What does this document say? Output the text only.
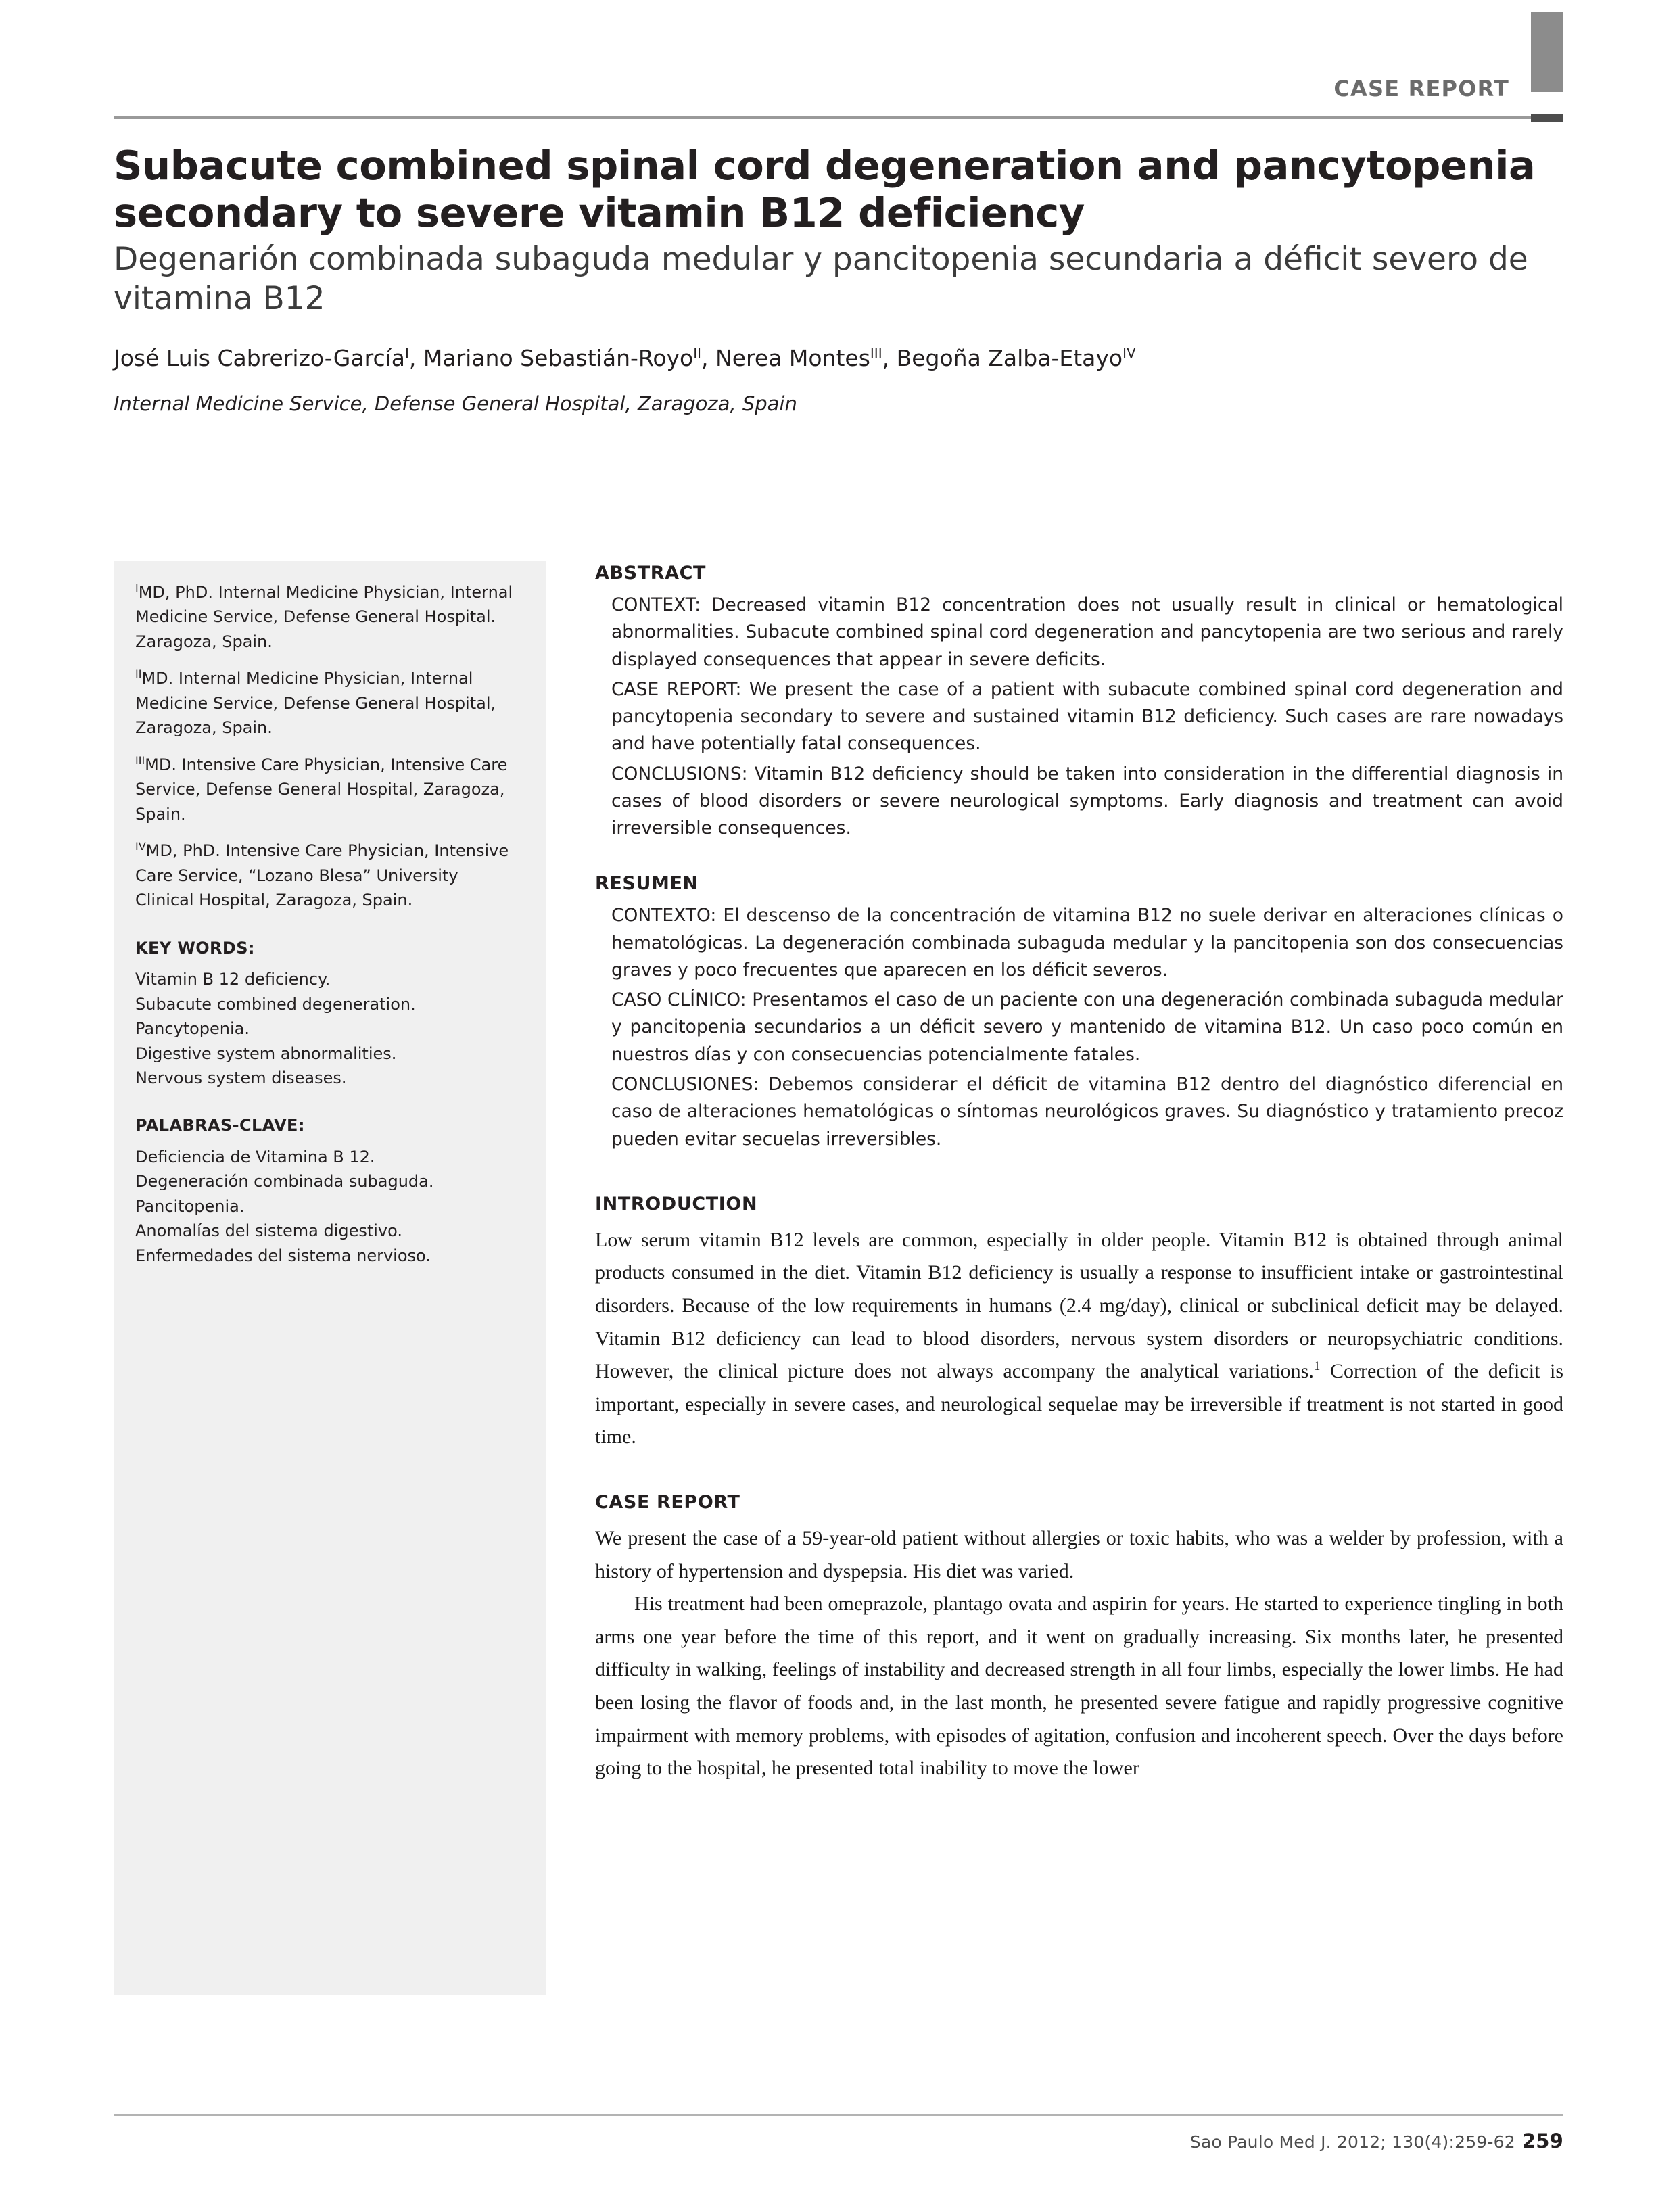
CASE REPORT
Subacute combined spinal cord degeneration and pancytopenia secondary to severe vitamin B12 deficiency
Degenarión combinada subaguda medular y pancitopenia secundaria a déficit severo de vitamina B12
José Luis Cabrerizo-García$^I$, Mariano Sebastián-Royo$^{II}$, Nerea Montes$^{III}$, Begoña Zalba-Etayo$^{IV}$
Internal Medicine Service, Defense General Hospital, Zaragoza, Spain

$^I$MD, PhD. Internal Medicine Physician, Internal Medicine Service, Defense General Hospital. Zaragoza, Spain.

$^{II}$MD. Internal Medicine Physician, Internal Medicine Service, Defense General Hospital, Zaragoza, Spain.

$^{III}$MD. Intensive Care Physician, Intensive Care Service, Defense General Hospital, Zaragoza, Spain.

$^{IV}$MD, PhD. Intensive Care Physician, Intensive Care Service, “Lozano Blesa” University Clinical Hospital, Zaragoza, Spain.

KEY WORDS:

Vitamin B 12 deficiency.
Subacute combined degeneration.
Pancytopenia.
Digestive system abnormalities.
Nervous system diseases.

PALABRAS-CLAVE:

Deficiencia de Vitamina B 12.
Degeneración combinada subaguda.
Pancitopenia.
Anomalías del sistema digestivo.
Enfermedades del sistema nervioso.
ABSTRACT

CONTEXT: Decreased vitamin B12 concentration does not usually result in clinical or hematological abnormalities. Subacute combined spinal cord degeneration and pancytopenia are two serious and rarely displayed consequences that appear in severe deficits.

CASE REPORT: We present the case of a patient with subacute combined spinal cord degeneration and pancytopenia secondary to severe and sustained vitamin B12 deficiency. Such cases are rare nowadays and have potentially fatal consequences.

CONCLUSIONS: Vitamin B12 deficiency should be taken into consideration in the differential diagnosis in cases of blood disorders or severe neurological symptoms. Early diagnosis and treatment can avoid irreversible consequences.

RESUMEN

CONTEXTO: El descenso de la concentración de vitamina B12 no suele derivar en alteraciones clínicas o hematológicas. La degeneración combinada subaguda medular y la pancitopenia son dos consecuencias graves y poco frecuentes que aparecen en los déficit severos.

CASO CLÍNICO: Presentamos el caso de un paciente con una degeneración combinada subaguda medular y pancitopenia secundarios a un déficit severo y mantenido de vitamina B12. Un caso poco común en nuestros días y con consecuencias potencialmente fatales.

CONCLUSIONES: Debemos considerar el déficit de vitamina B12 dentro del diagnóstico diferencial en caso de alteraciones hematológicas o síntomas neurológicos graves. Su diagnóstico y tratamiento precoz pueden evitar secuelas irreversibles.

INTRODUCTION

Low serum vitamin B12 levels are common, especially in older people. Vitamin B12 is obtained through animal products consumed in the diet. Vitamin B12 deficiency is usually a response to insufficient intake or gastrointestinal disorders. Because of the low requirements in humans (2.4 mg/day), clinical or subclinical deficit may be delayed. Vitamin B12 deficiency can lead to blood disorders, nervous system disorders or neuropsychiatric conditions. However, the clinical picture does not always accompany the analytical variations.$^1$ Correction of the deficit is important, especially in severe cases, and neurological sequelae may be irreversible if treatment is not started in good time.

CASE REPORT

We present the case of a 59-year-old patient without allergies or toxic habits, who was a welder by profession, with a history of hypertension and dyspepsia. His diet was varied.

His treatment had been omeprazole, plantago ovata and aspirin for years. He started to experience tingling in both arms one year before the time of this report, and it went on gradually increasing. Six months later, he presented difficulty in walking, feelings of instability and decreased strength in all four limbs, especially the lower limbs. He had been losing the flavor of foods and, in the last month, he presented severe fatigue and rapidly progressive cognitive impairment with memory problems, with episodes of agitation, confusion and incoherent speech. Over the days before going to the hospital, he presented total inability to move the lower

Sao Paulo Med J. 2012; 130(4):259-62 259
